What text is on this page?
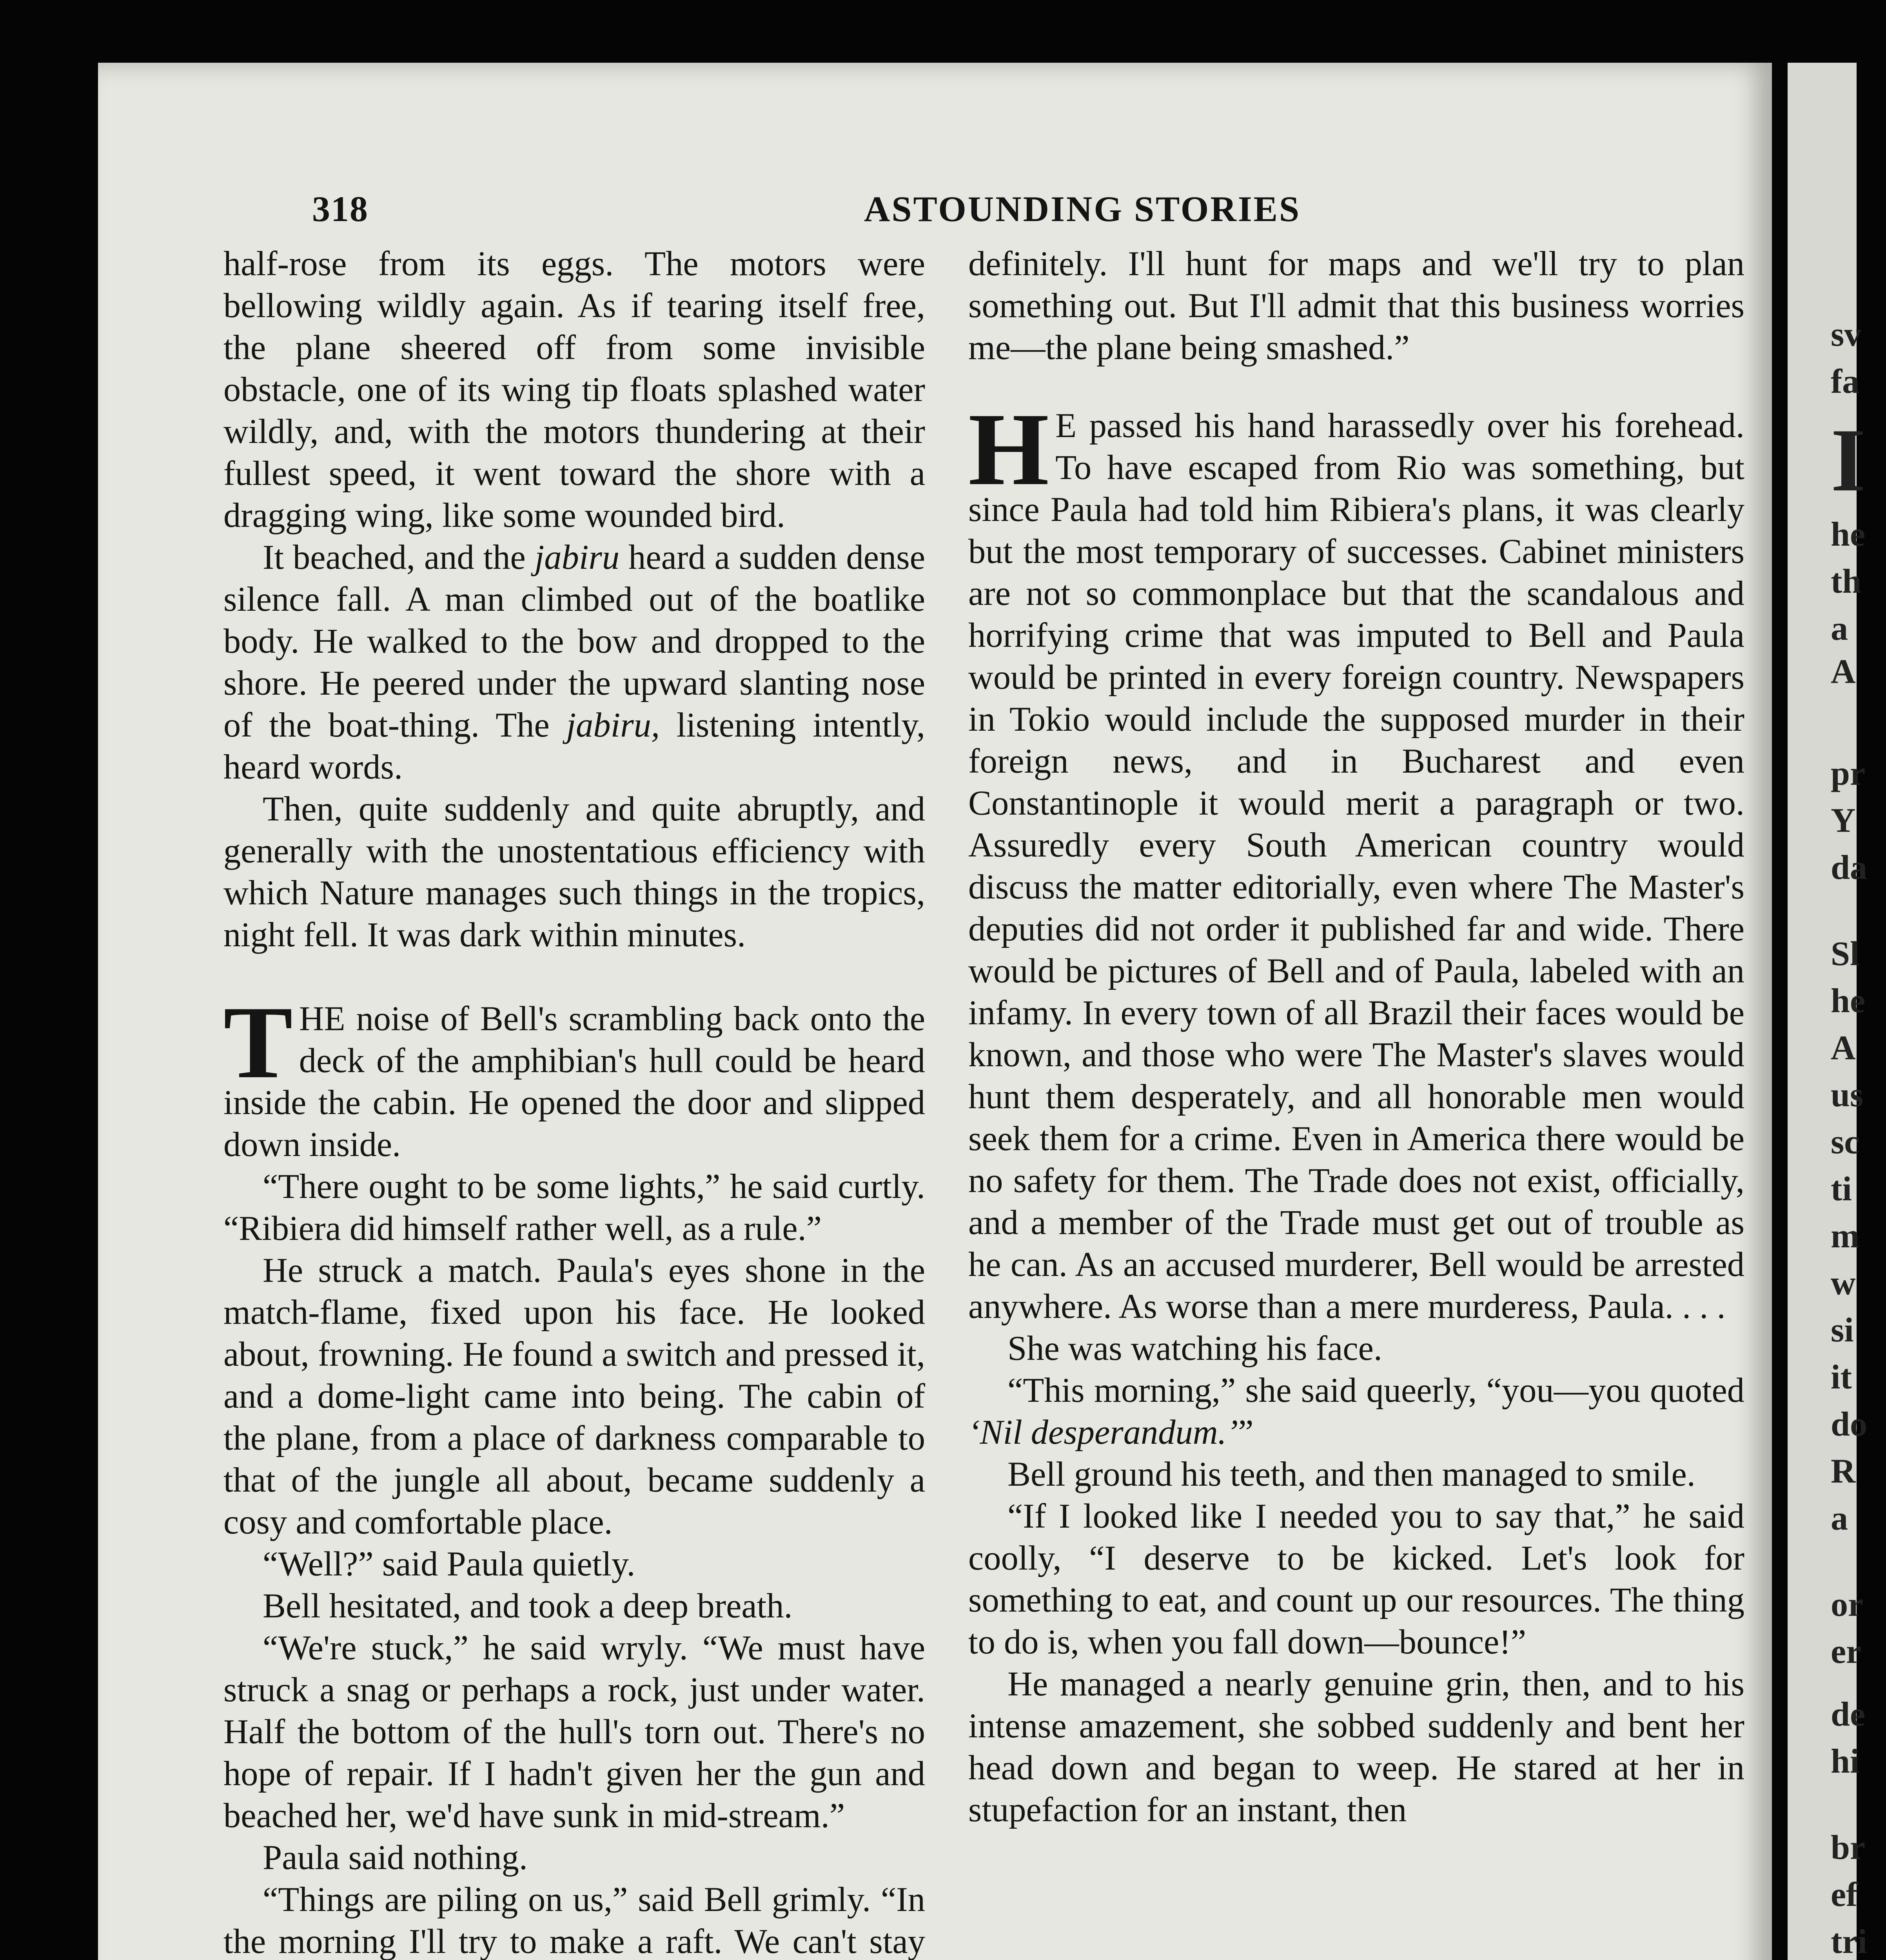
318	ASTOUNDING STORIES

half-rose from its eggs. The motors were bellowing wildly again. As if tearing itself free, the plane sheered off from some invisible obstacle, one of its wing tip floats splashed water wildly, and, with the motors thundering at their fullest speed, it went toward the shore with a dragging wing, like some wounded bird.

It beached, and the jabiru heard a sudden dense silence fall. A man climbed out of the boatlike body. He walked to the bow and dropped to the shore. He peered under the upward slanting nose of the boat-thing. The jabiru, listening intently, heard words.

Then, quite suddenly and quite abruptly, and generally with the unostentatious efficiency with which Nature manages such things in the tropics, night fell. It was dark within minutes.

THE noise of Bell's scrambling back onto the deck of the amphibian's hull could be heard inside the cabin. He opened the door and slipped down inside.

“There ought to be some lights,” he said curtly. “Ribiera did himself rather well, as a rule.”

He struck a match. Paula's eyes shone in the match-flame, fixed upon his face. He looked about, frowning. He found a switch and pressed it, and a dome-light came into being. The cabin of the plane, from a place of darkness comparable to that of the jungle all about, became suddenly a cosy and comfortable place.

“Well?” said Paula quietly.

Bell hesitated, and took a deep breath.

“We're stuck,” he said wryly. “We must have struck a snag or perhaps a rock, just under water. Half the bottom of the hull's torn out. There's no hope of repair. If I hadn't given her the gun and beached her, we'd have sunk in mid-stream.”

Paula said nothing.

“Things are piling on us,” said Bell grimly. “In the morning I'll try to make a raft. We can't stay

definitely. I'll hunt for maps and we'll try to plan something out. But I'll admit that this business worries me—the plane being smashed.”

HE passed his hand harassedly over his forehead. To have escaped from Rio was something, but since Paula had told him Ribiera's plans, it was clearly but the most temporary of successes. Cabinet ministers are not so commonplace but that the scandalous and horrifying crime that was imputed to Bell and Paula would be printed in every foreign country. Newspapers in Tokio would include the supposed murder in their foreign news, and in Bucharest and even Constantinople it would merit a paragraph or two. Assuredly every South American country would discuss the matter editorially, even where The Master's deputies did not order it published far and wide. There would be pictures of Bell and of Paula, labeled with an infamy. In every town of all Brazil their faces would be known, and those who were The Master's slaves would hunt them desperately, and all honorable men would seek them for a crime. Even in America there would be no safety for them. The Trade does not exist, officially, and a member of the Trade must get out of trouble as he can. As an accused murderer, Bell would be arrested anywhere. As worse than a mere murderess, Paula. . . .

She was watching his face.

“This morning,” she said queerly, “you—you quoted ‘Nil desperandum.’”

Bell ground his teeth, and then managed to smile.

“If I looked like I needed you to say that,” he said coolly, “I deserve to be kicked. Let's look for something to eat, and count up our resources. The thing to do is, when you fall down—bounce!”

He managed a nearly genuine grin, then, and to his intense amazement, she sobbed suddenly and bent her head down and began to weep. He stared at her in stupefaction for an instant, then

sv
fa
I
he
th
a
A
pr
Y
da
Sl
he
A
us
sc
ti
m
w
si
it
do
R
a
or
er
de
hi
br
ef
tri
